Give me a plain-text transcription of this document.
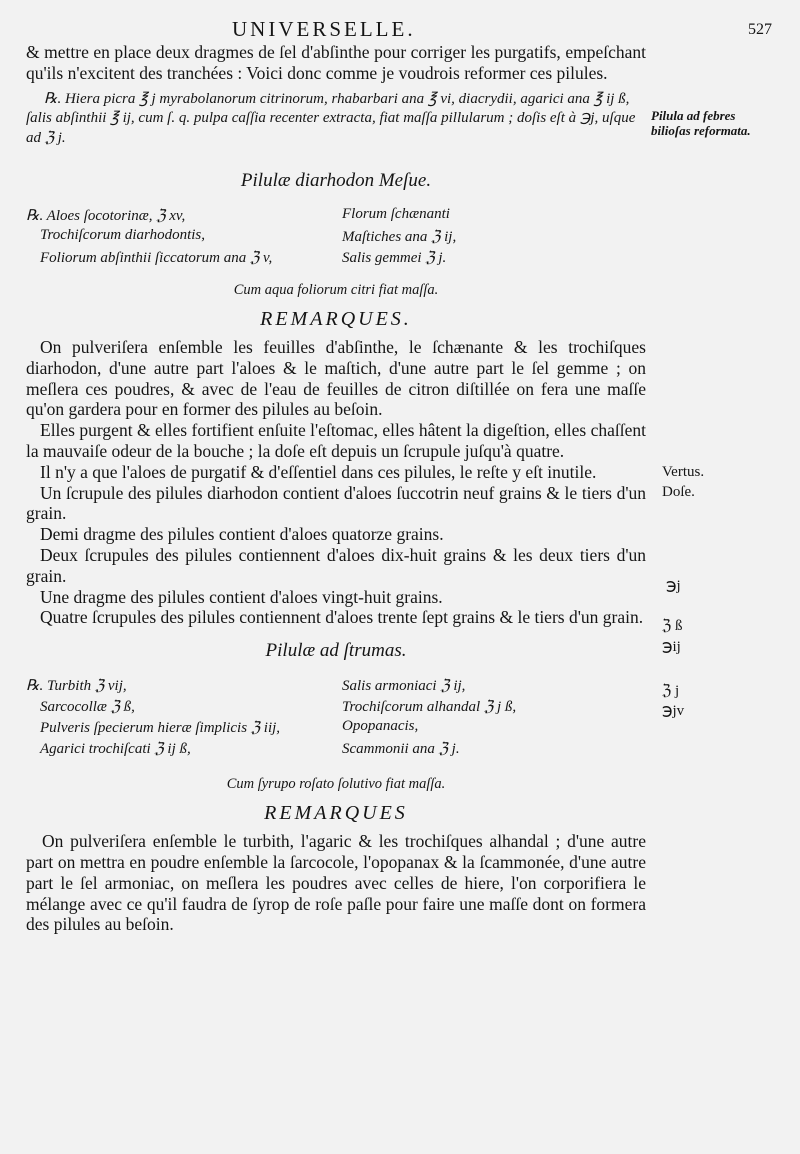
UNIVERSELLE.	527

& mettre en place deux dragmes de ſel d'abſinthe pour corriger les purgatifs, empeſchant qu'ils n'excitent des tranchées : Voici donc comme je voudrois reformer ces pilules.

℞. Hiera picra ℥ j myrabolanorum citrinorum, rhabarbari ana ℥ vi, diacrydii, agarici ana ℥ ij ß, ſalis abſinthii ℥ ij, cum ſ. q. pulpa caſſia recenter extracta, fiat maſſa pillularum ; doſis eſt à ℈j, uſque ad ℨ j.

Pilulæ diarhodon Meſue.
℞. Aloes ſocotorinæ, ℨ xv,
Trochiſcorum diarhodontis,
Foliorum abſinthii ſiccatorum ana ℨ v,
Florum ſchænanti
Maſtiches ana ℨ ij,
Salis gemmei ℨ j.
Cum aqua foliorum citri fiat maſſa.
REMARQUES.

On pulveriſera enſemble les feuilles d'abſinthe, le ſchænante & les trochiſques diarhodon, d'une autre part l'aloes & le maſtich, d'une autre part le ſel gemme ; on meſlera ces poudres, & avec de l'eau de feuilles de citron diſtillée on fera une maſſe qu'on gardera pour en former des pilules au beſoin.

Elles purgent & elles fortifient enſuite l'eſtomac, elles hâtent la digeſtion, elles chaſſent la mauvaiſe odeur de la bouche ; la doſe eſt depuis un ſcrupule juſqu'à quatre.

Il n'y a que l'aloes de purgatif & d'eſſentiel dans ces pilules, le reſte y eſt inutile.

Un ſcrupule des pilules diarhodon contient d'aloes ſuccotrin neuf grains & le tiers d'un grain.

Demi dragme des pilules contient d'aloes quatorze grains.

Deux ſcrupules des pilules contiennent d'aloes dix-huit grains & les deux tiers d'un grain.

Une dragme des pilules contient d'aloes vingt-huit grains.

Quatre ſcrupules des pilules contiennent d'aloes trente ſept grains & le tiers d'un grain.

Pilulæ ad ſtrumas.
℞. Turbith ℨ vij,
Sarcocollæ ℨ ß,
Pulveris ſpecierum hieræ ſimplicis ℨ iij,
Agarici trochiſcati ℨ ij ß,
Salis armoniaci ℨ ij,
Trochiſcorum alhandal ℨ j ß,
Opopanacis,
Scammonii ana ℨ j.
Cum ſyrupo roſato ſolutivo fiat maſſa.
REMARQUES

On pulveriſera enſemble le turbith, l'agaric & les trochiſques alhandal ; d'une autre part on mettra en poudre enſemble la ſarcocole, l'opopanax & la ſcammonée, d'une autre part le ſel armoniac, on meſlera les poudres avec celles de hiere, l'on corporifiera le mélange avec ce qu'il faudra de ſyrop de roſe paſle pour faire une maſſe dont on formera des pilules au beſoin.

Pilula ad febres bilioſas reformata.
Vertus.
Doſe.
℈j
ℨ ß
℈ij
ℨ j
℈jv
